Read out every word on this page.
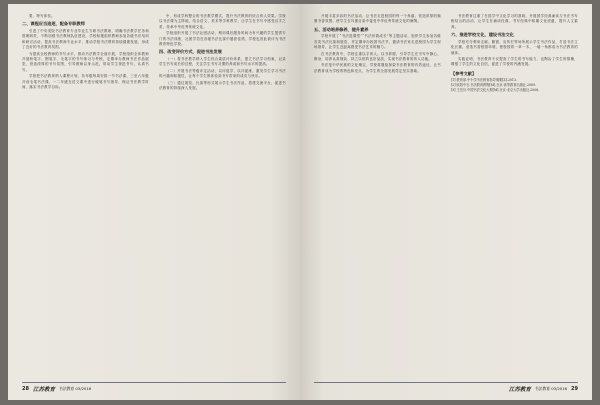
要，特写体验。

二、课程应当追逐，配备专职教师

引进了中央美院书法教育专业毕业生专职书法教师，明确书法教学任务和管理职责，不断加强书法教师队伍建设，学校积极组织教师参加各级书法培训和研讨活动，提高书法教师专业水平，推动学校书法教育持续健康发展，形成了良好的书法教育氛围。

为提高全校教师的书写水平，推动书法教学全面开展，学校组织全体教师开展粉笔字、钢笔字、毛笔字的书写练习与考核，定期举办教师书法作品展览，营造浓厚的书写氛围，引导教师以身示范，带动学生规范书写、认真书写。

学校把书法教育纳入课程计划，各年级每周安排一节书法课，三至六年级开设毛笔书法课，一二年级在语文课中进行硬笔书写指导，保证书法教学时间，落实书法教学目标。

中，形成学科整合的书法教学模式，提升书法教育的综合育人效果。学校以书法课为主阵地，结合语文、美术等学科教学，让学生在书写中感受汉字之美，传承中华优秀传统文化。

学校组织开展了书法社团活动，利用课后服务时间为有兴趣的学生提供专门的书法训练，社团学员在各级书法比赛中屡获佳绩，学校也因此被评为书法教育特色学校。

四、改变评价方式，促进书法发展

（一）将书法教学纳入学生综合素质评价体系，建立书法学习档案，记录学生书写成长的过程，关注学生书写习惯的养成和书写水平的提高。

（二）开展书法等级评定活动，以评促学、以评促练，激发学生学习书法的兴趣和积极性，让每个学生都体验到书写带来的成功与快乐。

（三）通过展览、比赛等形式展示学生书法作品，搭建交流平台，促进书法教育的持续深入发展。

28 江苏教育 书法教育 03/2016

开展丰富多彩的书法活动，让书法走进校园的每一个角落，营造浓厚的翰墨书香氛围，使学生在耳濡目染中接受中华优秀传统文化的熏陶。

五、活动培养修养，提升素养

学校开展了“书法进课堂”“书法伴我成长”等主题活动，组织学生参加各级各类书法比赛和展览，并定期举办校园书法节，邀请书法家走进校园为学生现场指导，让学生近距离感受书法艺术的魅力。

在书法教育中，学校注重以字育人、以书养德，引导学生在书写中静心、修身，培养认真细致、持之以恒的良好品质，实现书法教育的育人功能。

书法是中华民族的文化瑰宝，学校将继续探索书法教育的有效途径，让书法教育成为学校的特色和亮点，为学生的全面发展奠定坚实基础。

书法教育注重了在国学中文化学习的基础，开展国学经典诵读与书法书写相结合的活动，让学生在诵读经典、书写经典中积累文化底蕴，提升人文素养。

六、推进学校文化，建设书法文化

学校充分利用走廊、橱窗、宣传栏等场所展示学生书法作品，打造书法文化长廊，营造书香校园环境，使校园的一草一木、一墙一角都成为书法教育的载体。

实践证明，书法教育不仅提高了学生的书写能力，也陶冶了学生的情操，增强了学生的文化自信，促进了学校的内涵发展。

【参考文献】

[1] 教育部.中小学书法教育指导纲要[Z].2013.

[2] 欧阳中石.书法教育教程[M].北京:高等教育出版社,2009.

[3] 王岳川.中国书法文化大观[M].北京:北京大学出版社,2006.

江苏教育 书法教育 03/2016 29
